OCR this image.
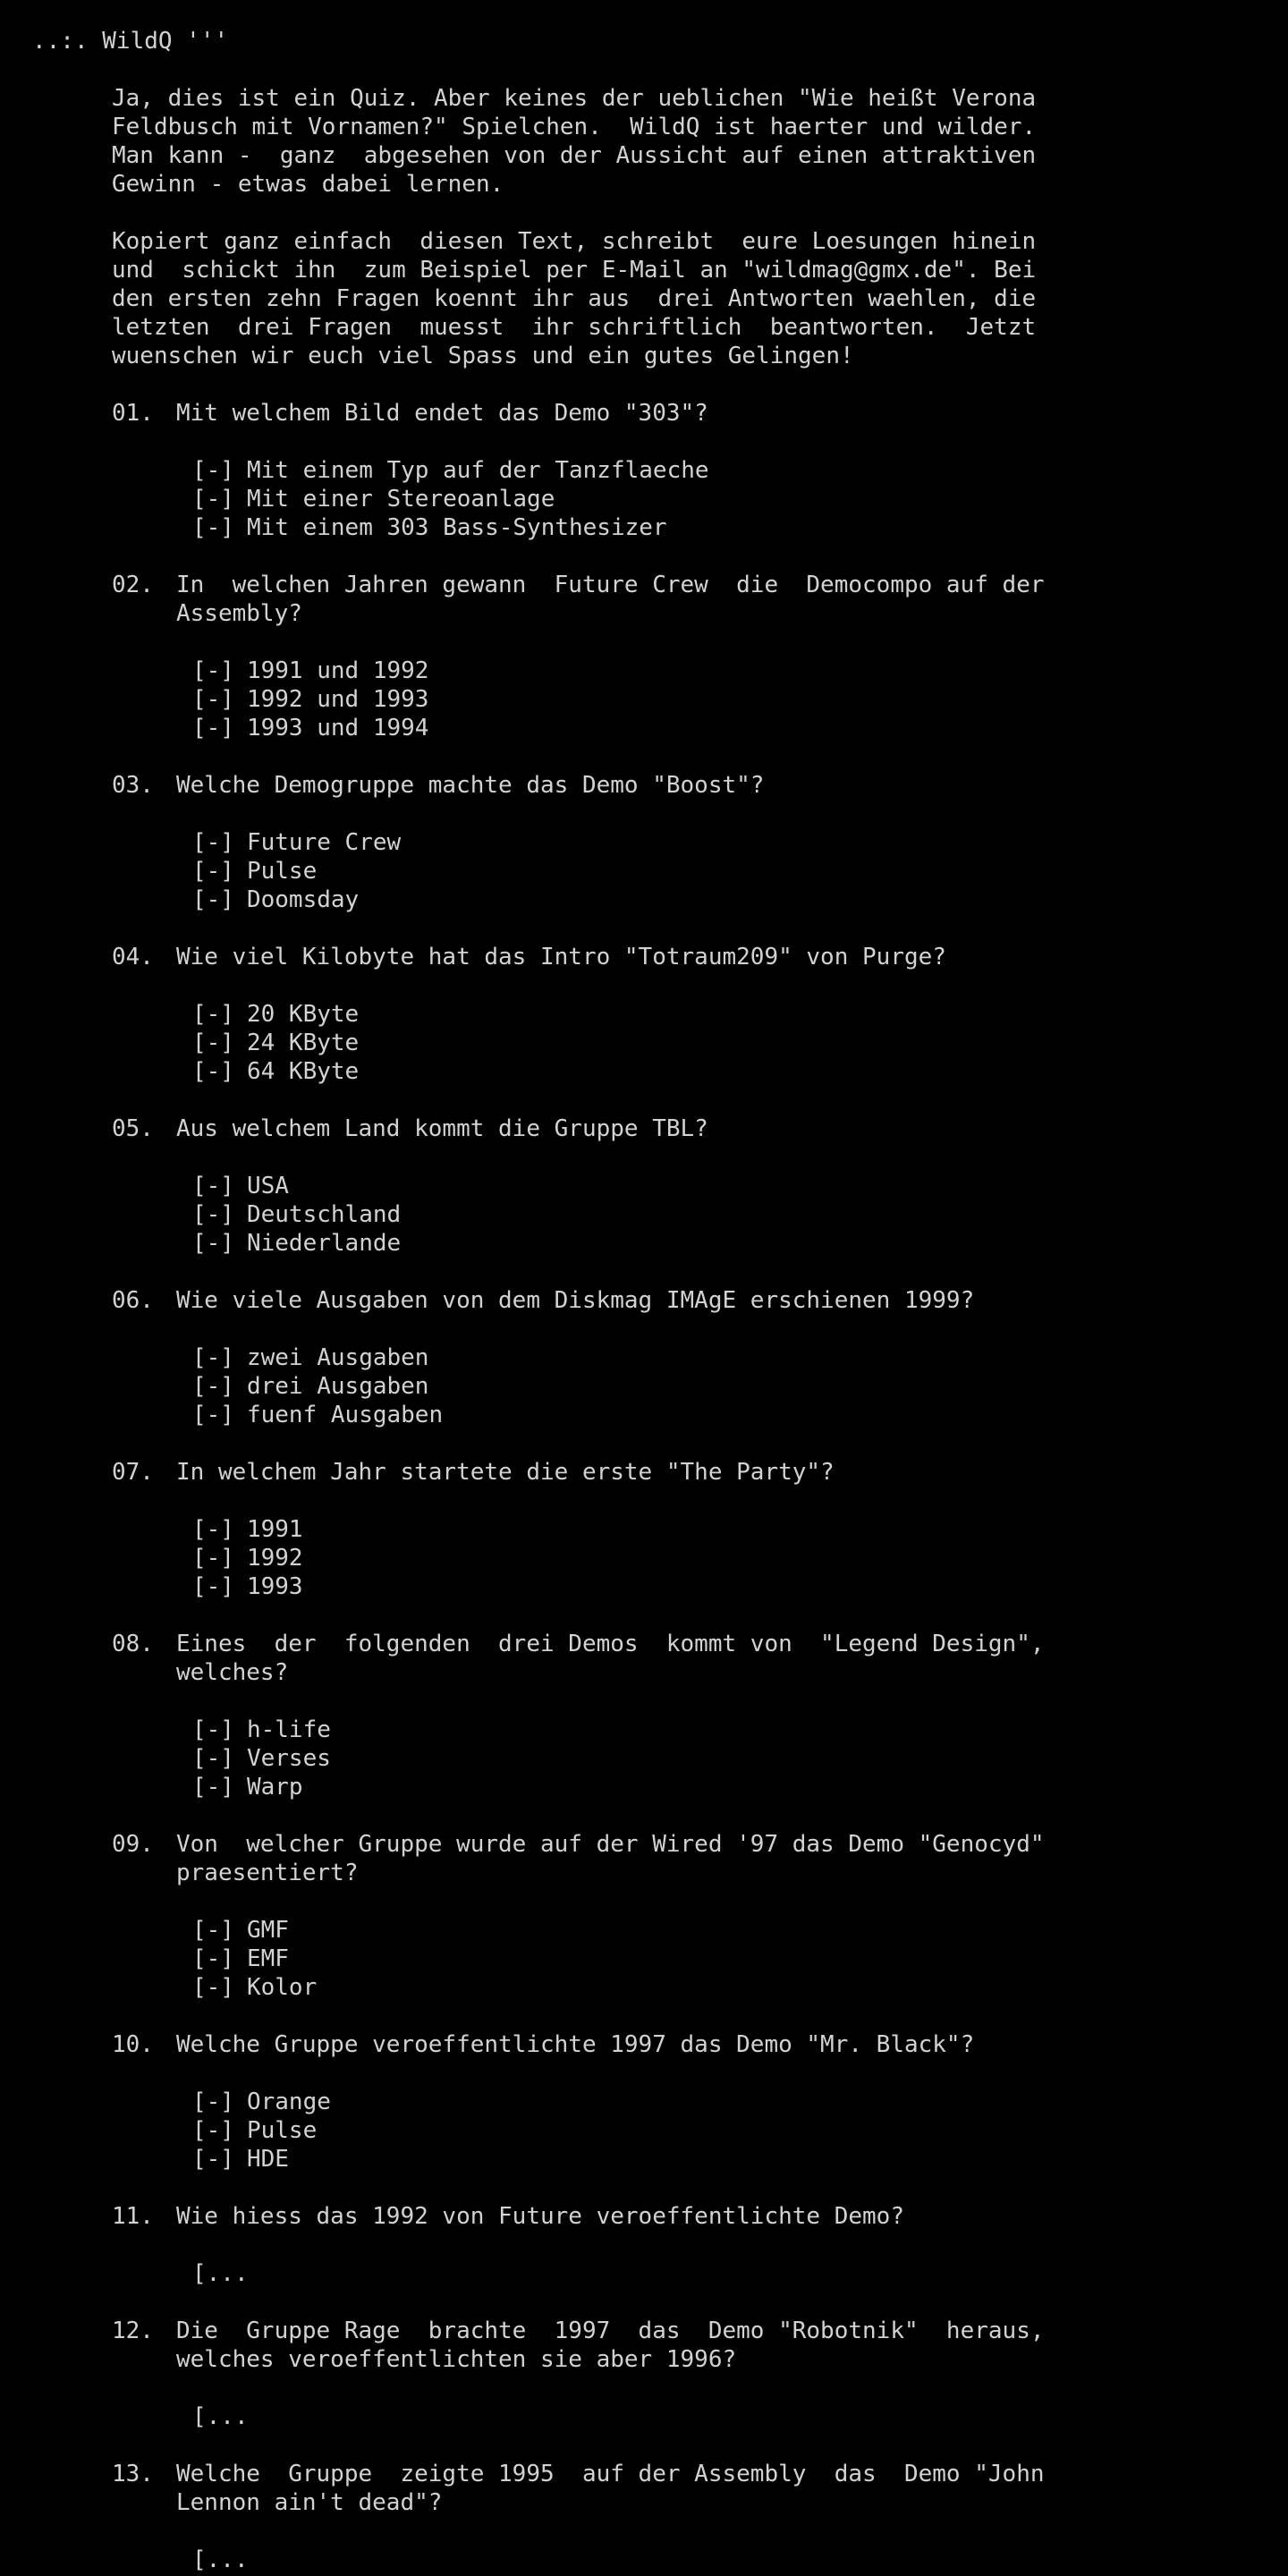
..:. WildQ '''
Ja, dies ist ein Quiz. Aber keines der ueblichen "Wie heißt Verona
Feldbusch mit Vornamen?" Spielchen.  WildQ ist haerter und wilder.
Man kann -  ganz  abgesehen von der Aussicht auf einen attraktiven
Gewinn - etwas dabei lernen.
Kopiert ganz einfach  diesen Text, schreibt  eure Loesungen hinein
und  schickt ihn  zum Beispiel per E-Mail an "wildmag@gmx.de". Bei
den ersten zehn Fragen koennt ihr aus  drei Antworten waehlen, die
letzten  drei Fragen  muesst  ihr schriftlich  beantworten.  Jetzt
wuenschen wir euch viel Spass und ein gutes Gelingen!
01. Mit welchem Bild endet das Demo "303"?
[-] Mit einem Typ auf der Tanzflaeche
[-] Mit einer Stereoanlage
[-] Mit einem 303 Bass-Synthesizer
02. In  welchen Jahren gewann  Future Crew  die  Democompo auf der
Assembly?
[-] 1991 und 1992
[-] 1992 und 1993
[-] 1993 und 1994
03. Welche Demogruppe machte das Demo "Boost"?
[-] Future Crew
[-] Pulse
[-] Doomsday
04. Wie viel Kilobyte hat das Intro "Totraum209" von Purge?
[-] 20 KByte
[-] 24 KByte
[-] 64 KByte
05. Aus welchem Land kommt die Gruppe TBL?
[-] USA
[-] Deutschland
[-] Niederlande
06. Wie viele Ausgaben von dem Diskmag IMAgE erschienen 1999?
[-] zwei Ausgaben
[-] drei Ausgaben
[-] fuenf Ausgaben
07. In welchem Jahr startete die erste "The Party"?
[-] 1991
[-] 1992
[-] 1993
08. Eines  der  folgenden  drei Demos  kommt von  "Legend Design",
welches?
[-] h-life
[-] Verses
[-] Warp
09. Von  welcher Gruppe wurde auf der Wired '97 das Demo "Genocyd"
praesentiert?
[-] GMF
[-] EMF
[-] Kolor
10. Welche Gruppe veroeffentlichte 1997 das Demo "Mr. Black"?
[-] Orange
[-] Pulse
[-] HDE
11. Wie hiess das 1992 von Future veroeffentlichte Demo?
[...
12. Die  Gruppe Rage  brachte  1997  das  Demo "Robotnik"  heraus,
welches veroeffentlichten sie aber 1996?
[...
13. Welche  Gruppe  zeigte 1995  auf der Assembly  das  Demo "John
Lennon ain't dead"?
[...
